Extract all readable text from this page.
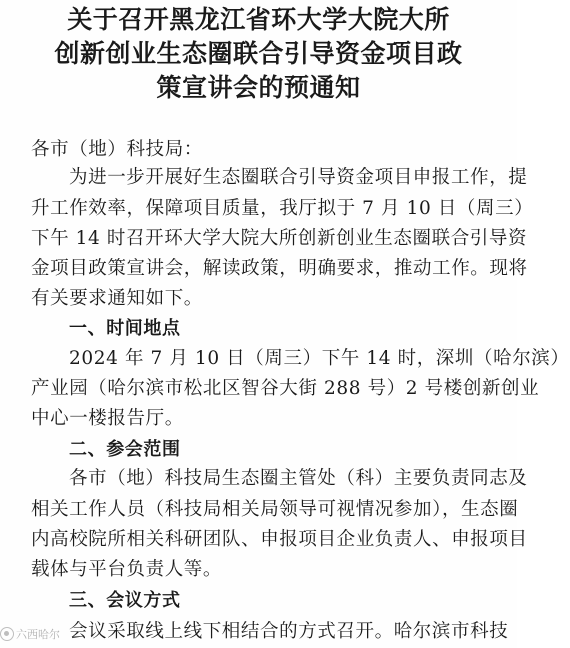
关于召开黑龙江省环大学大院大所
创新创业生态圈联合引导资金项目政
策宣讲会的预通知
各市（地）科技局：
为进一步开展好生态圈联合引导资金项目申报工作，提
升工作效率，保障项目质量，我厅拟于 7 月 10 日（周三）
下午 14 时召开环大学大院大所创新创业生态圈联合引导资
金项目政策宣讲会，解读政策，明确要求，推动工作。现将
有关要求通知如下。
一、时间地点
2024 年 7 月 10 日（周三）下午 14 时，深圳（哈尔滨）
产业园（哈尔滨市松北区智谷大街 288 号）2 号楼创新创业
中心一楼报告厅。
二、参会范围
各市（地）科技局生态圈主管处（科）主要负责同志及
相关工作人员（科技局相关局领导可视情况参加），生态圈
内高校院所相关科研团队、申报项目企业负责人、申报项目
载体与平台负责人等。
三、会议方式
会议采取线上线下相结合的方式召开。哈尔滨市科技
六西哈尔
